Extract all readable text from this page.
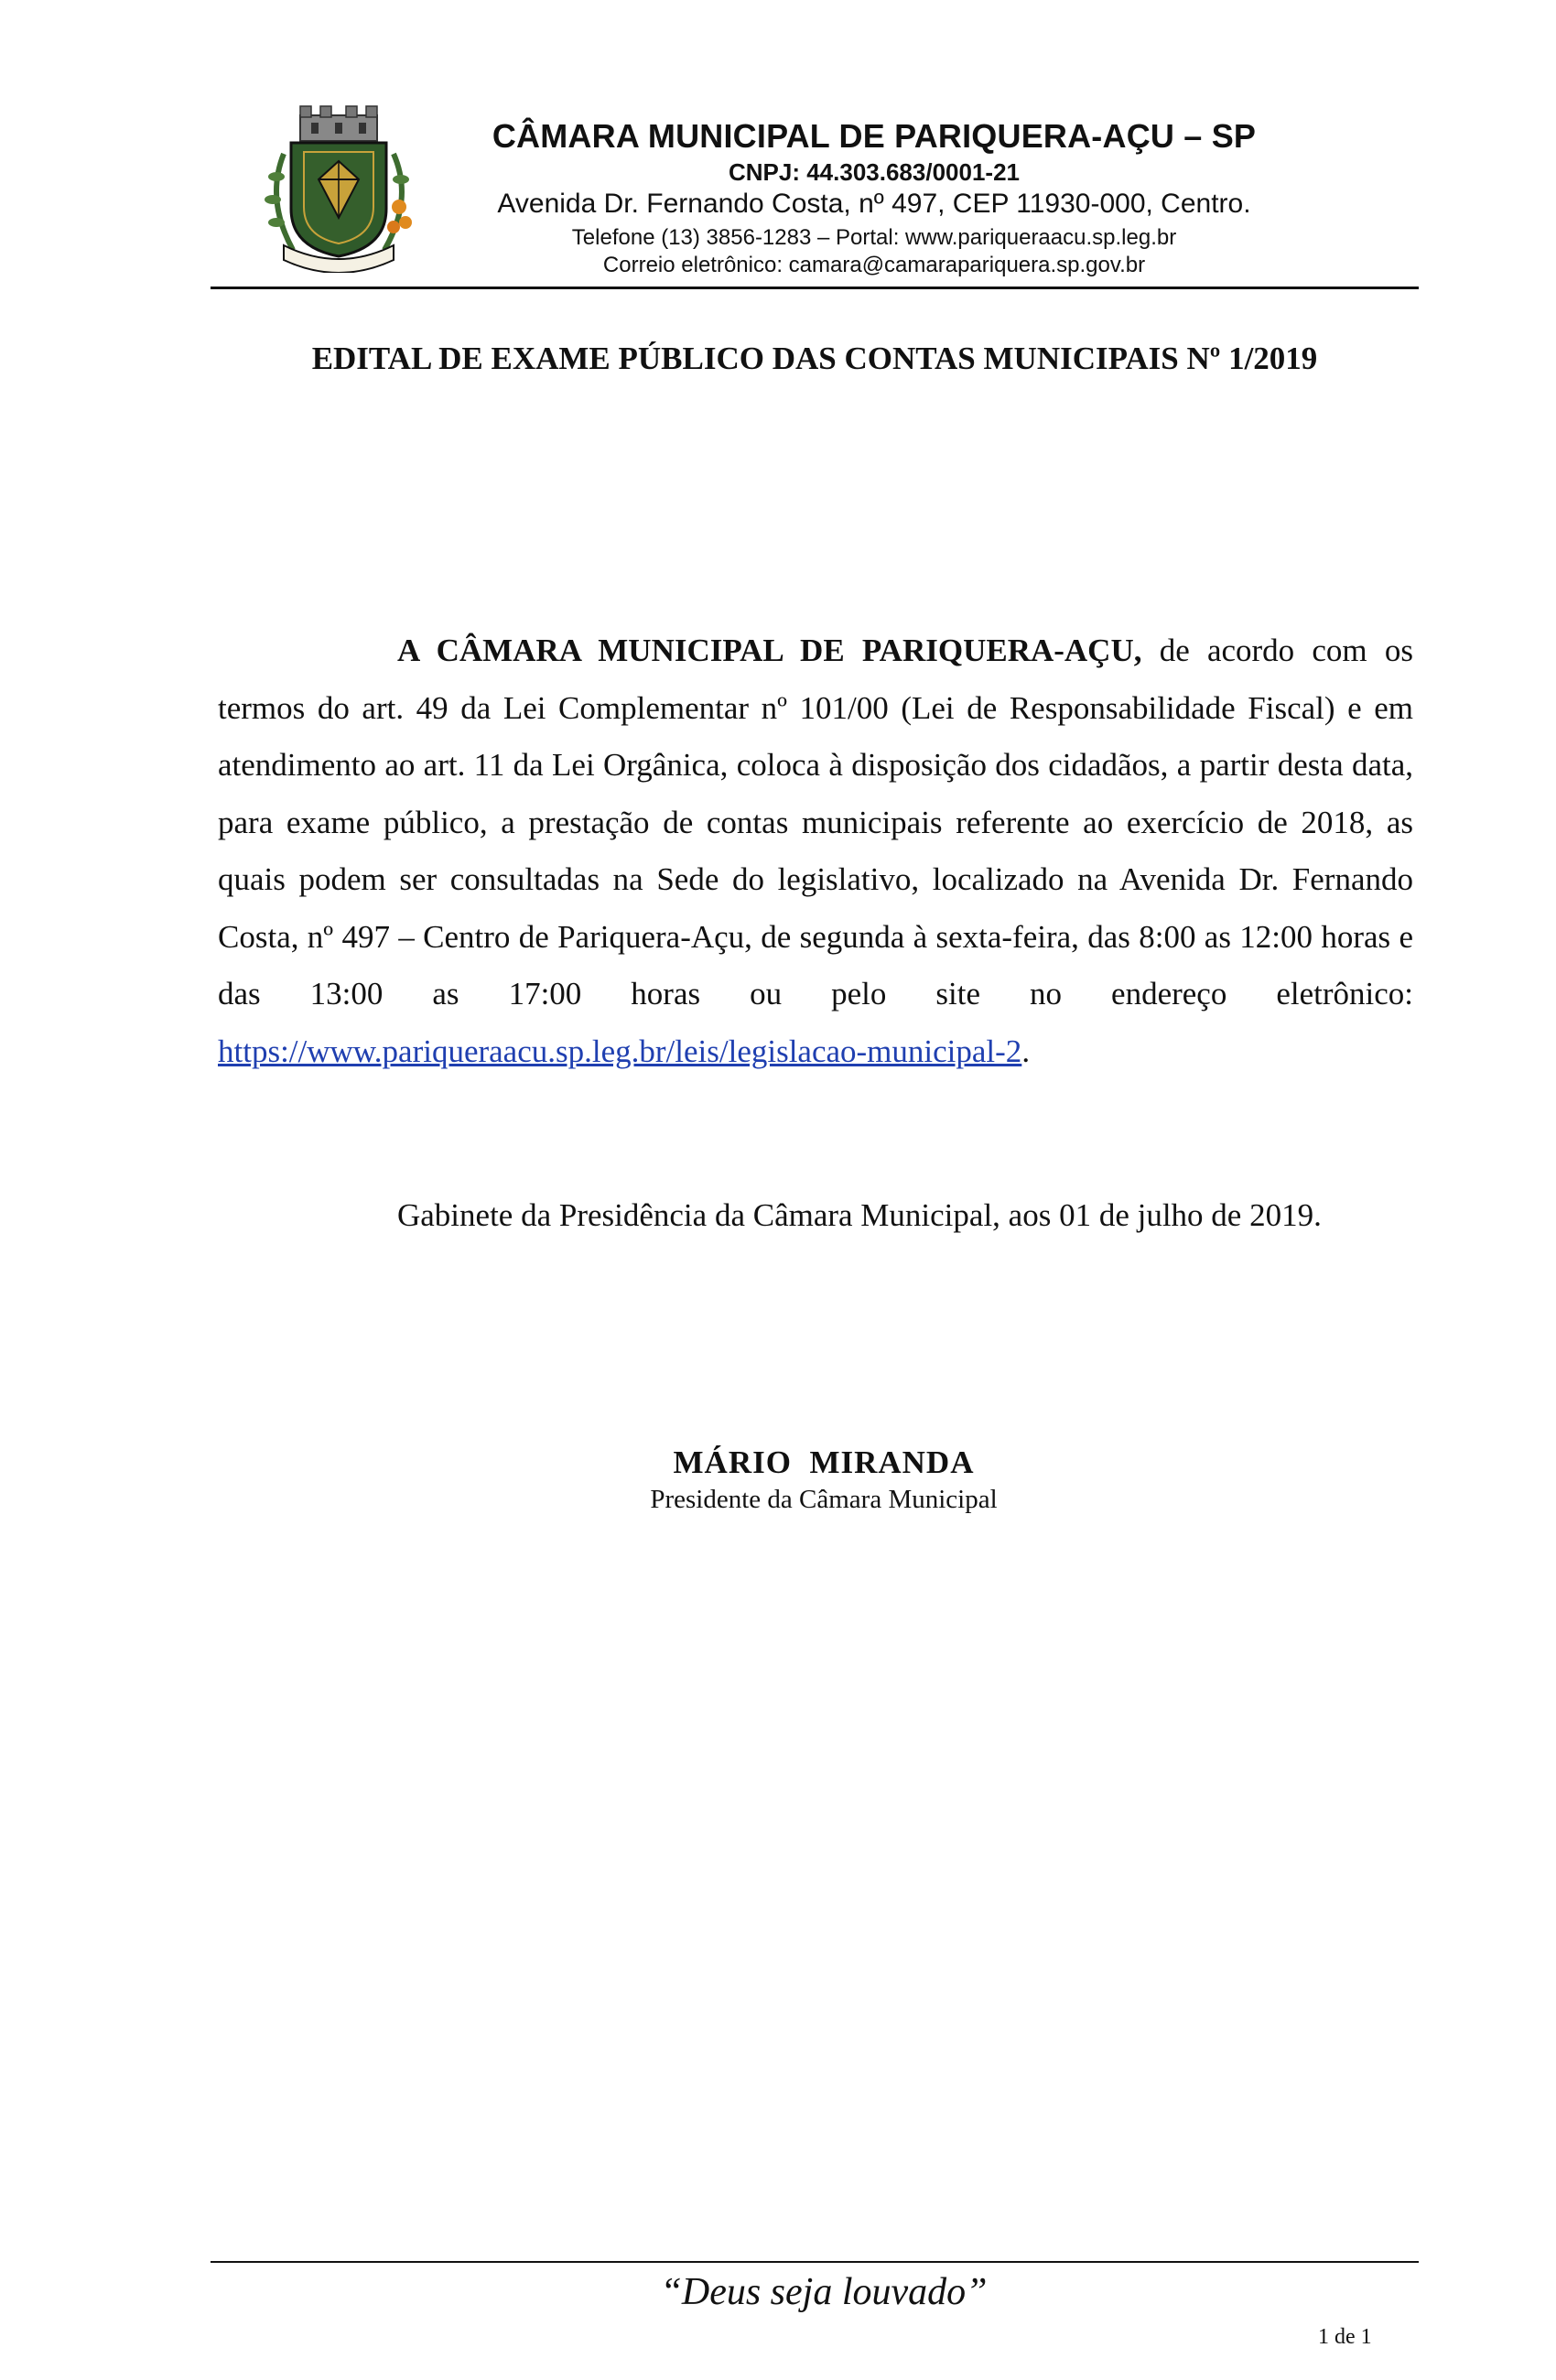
CÂMARA MUNICIPAL DE PARIQUERA-AÇU – SP
CNPJ: 44.303.683/0001-21
Avenida Dr. Fernando Costa, nº 497, CEP 11930-000, Centro.
Telefone (13) 3856-1283 – Portal: www.pariqueraacu.sp.leg.br
Correio eletrônico: camara@camarapariquera.sp.gov.br
EDITAL DE EXAME PÚBLICO DAS CONTAS MUNICIPAIS Nº 1/2019
A CÂMARA MUNICIPAL DE PARIQUERA-AÇU, de acordo com os termos do art. 49 da Lei Complementar nº 101/00 (Lei de Responsabilidade Fiscal) e em atendimento ao art. 11 da Lei Orgânica, coloca à disposição dos cidadãos, a partir desta data, para exame público, a prestação de contas municipais referente ao exercício de 2018, as quais podem ser consultadas na Sede do legislativo, localizado na Avenida Dr. Fernando Costa, nº 497 – Centro de Pariquera-Açu, de segunda à sexta-feira, das 8:00 as 12:00 horas e das 13:00 as 17:00 horas ou pelo site no endereço eletrônico: https://www.pariqueraacu.sp.leg.br/leis/legislacao-municipal-2.
Gabinete da Presidência da Câmara Municipal, aos 01 de julho de 2019.
MÁRIO  MIRANDA
Presidente da Câmara Municipal
“Deus seja louvado”
1 de 1
